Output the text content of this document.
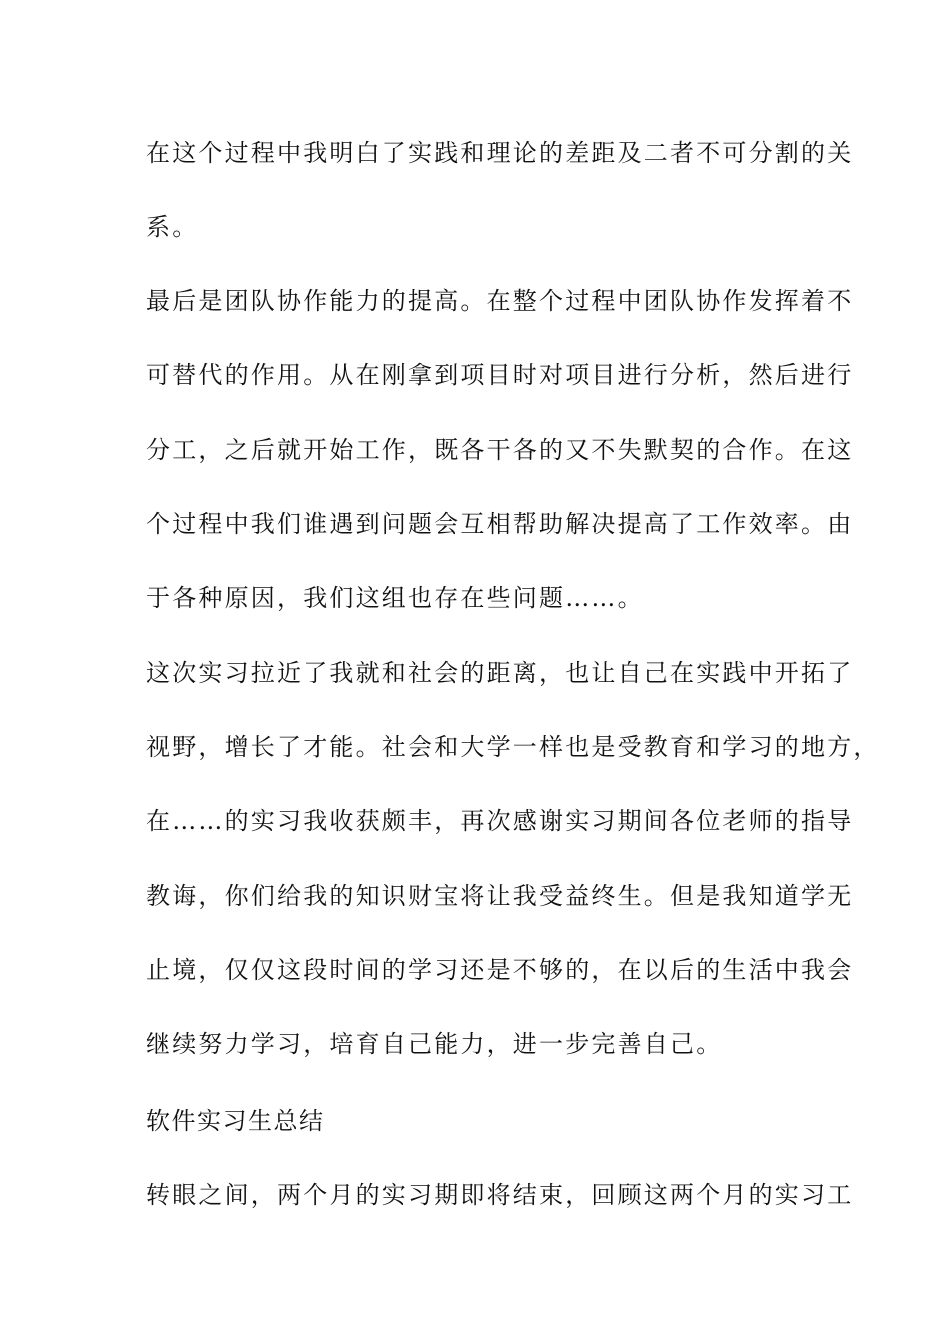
在这个过程中我明白了实践和理论的差距及二者不可分割的关
系。
最后是团队协作能力的提高。在整个过程中团队协作发挥着不
可替代的作用。从在刚拿到项目时对项目进行分析，然后进行
分工，之后就开始工作，既各干各的又不失默契的合作。在这
个过程中我们谁遇到问题会互相帮助解决提高了工作效率。由
于各种原因，我们这组也存在些问题……。
这次实习拉近了我就和社会的距离，也让自己在实践中开拓了
视野，增长了才能。社会和大学一样也是受教育和学习的地方，
在……的实习我收获颇丰，再次感谢实习期间各位老师的指导
教诲，你们给我的知识财宝将让我受益终生。但是我知道学无
止境，仅仅这段时间的学习还是不够的，在以后的生活中我会
继续努力学习，培育自己能力，进一步完善自己。
软件实习生总结
转眼之间，两个月的实习期即将结束，回顾这两个月的实习工
